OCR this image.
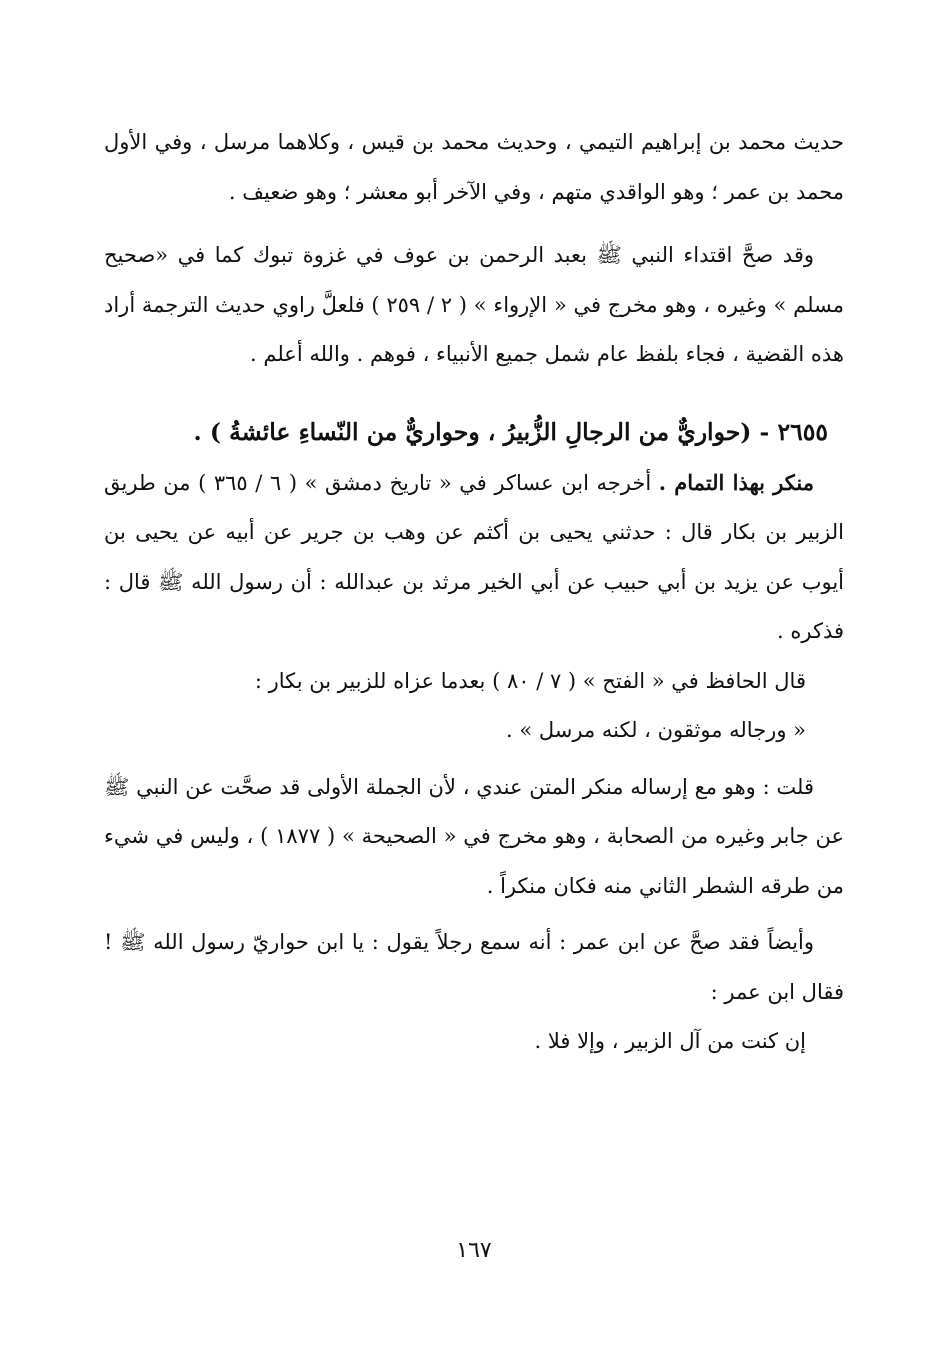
حديث محمد بن إبراهيم التيمي ، وحديث محمد بن قيس ، وكلاهما مرسل ، وفي الأول محمد بن عمر ؛ وهو الواقدي متهم ، وفي الآخر أبو معشر ؛ وهو ضعيف .

وقد صحَّ اقتداء النبي ﷺ بعبد الرحمن بن عوف في غزوة تبوك كما في «صحيح مسلم » وغيره ، وهو مخرج في « الإرواء » ( ٢ / ٢٥٩ ) فلعلَّ راوي حديث الترجمة أراد هذه القضية ، فجاء بلفظ عام شمل جميع الأنبياء ، فوهم . والله أعلم .

٢٦٥٥ - (حواريٌّ من الرجالِ الزُّبيرُ ، وحواريٌّ من النّساءِ عائشةُ ) .

منكر بهذا التمام . أخرجه ابن عساكر في « تاريخ دمشق » ( ٦ / ٣٦٥ ) من طريق الزبير بن بكار قال : حدثني يحيى بن أكثم عن وهب بن جرير عن أبيه عن يحيى بن أيوب عن يزيد بن أبي حبيب عن أبي الخير مرثد بن عبدالله : أن رسول الله ﷺ قال : فذكره .

قال الحافظ في « الفتح » ( ٧ / ٨٠ ) بعدما عزاه للزبير بن بكار :

« ورجاله موثقون ، لكنه مرسل » .

قلت : وهو مع إرساله منكر المتن عندي ، لأن الجملة الأولى قد صحَّت عن النبي ﷺ عن جابر وغيره من الصحابة ، وهو مخرج في « الصحيحة » ( ١٨٧٧ ) ، وليس في شيء من طرقه الشطر الثاني منه فكان منكراً .

وأيضاً فقد صحَّ عن ابن عمر : أنه سمع رجلاً يقول : يا ابن حواريّ رسول الله ﷺ ! فقال ابن عمر :

إن كنت من آل الزبير ، وإلا فلا .

١٦٧
